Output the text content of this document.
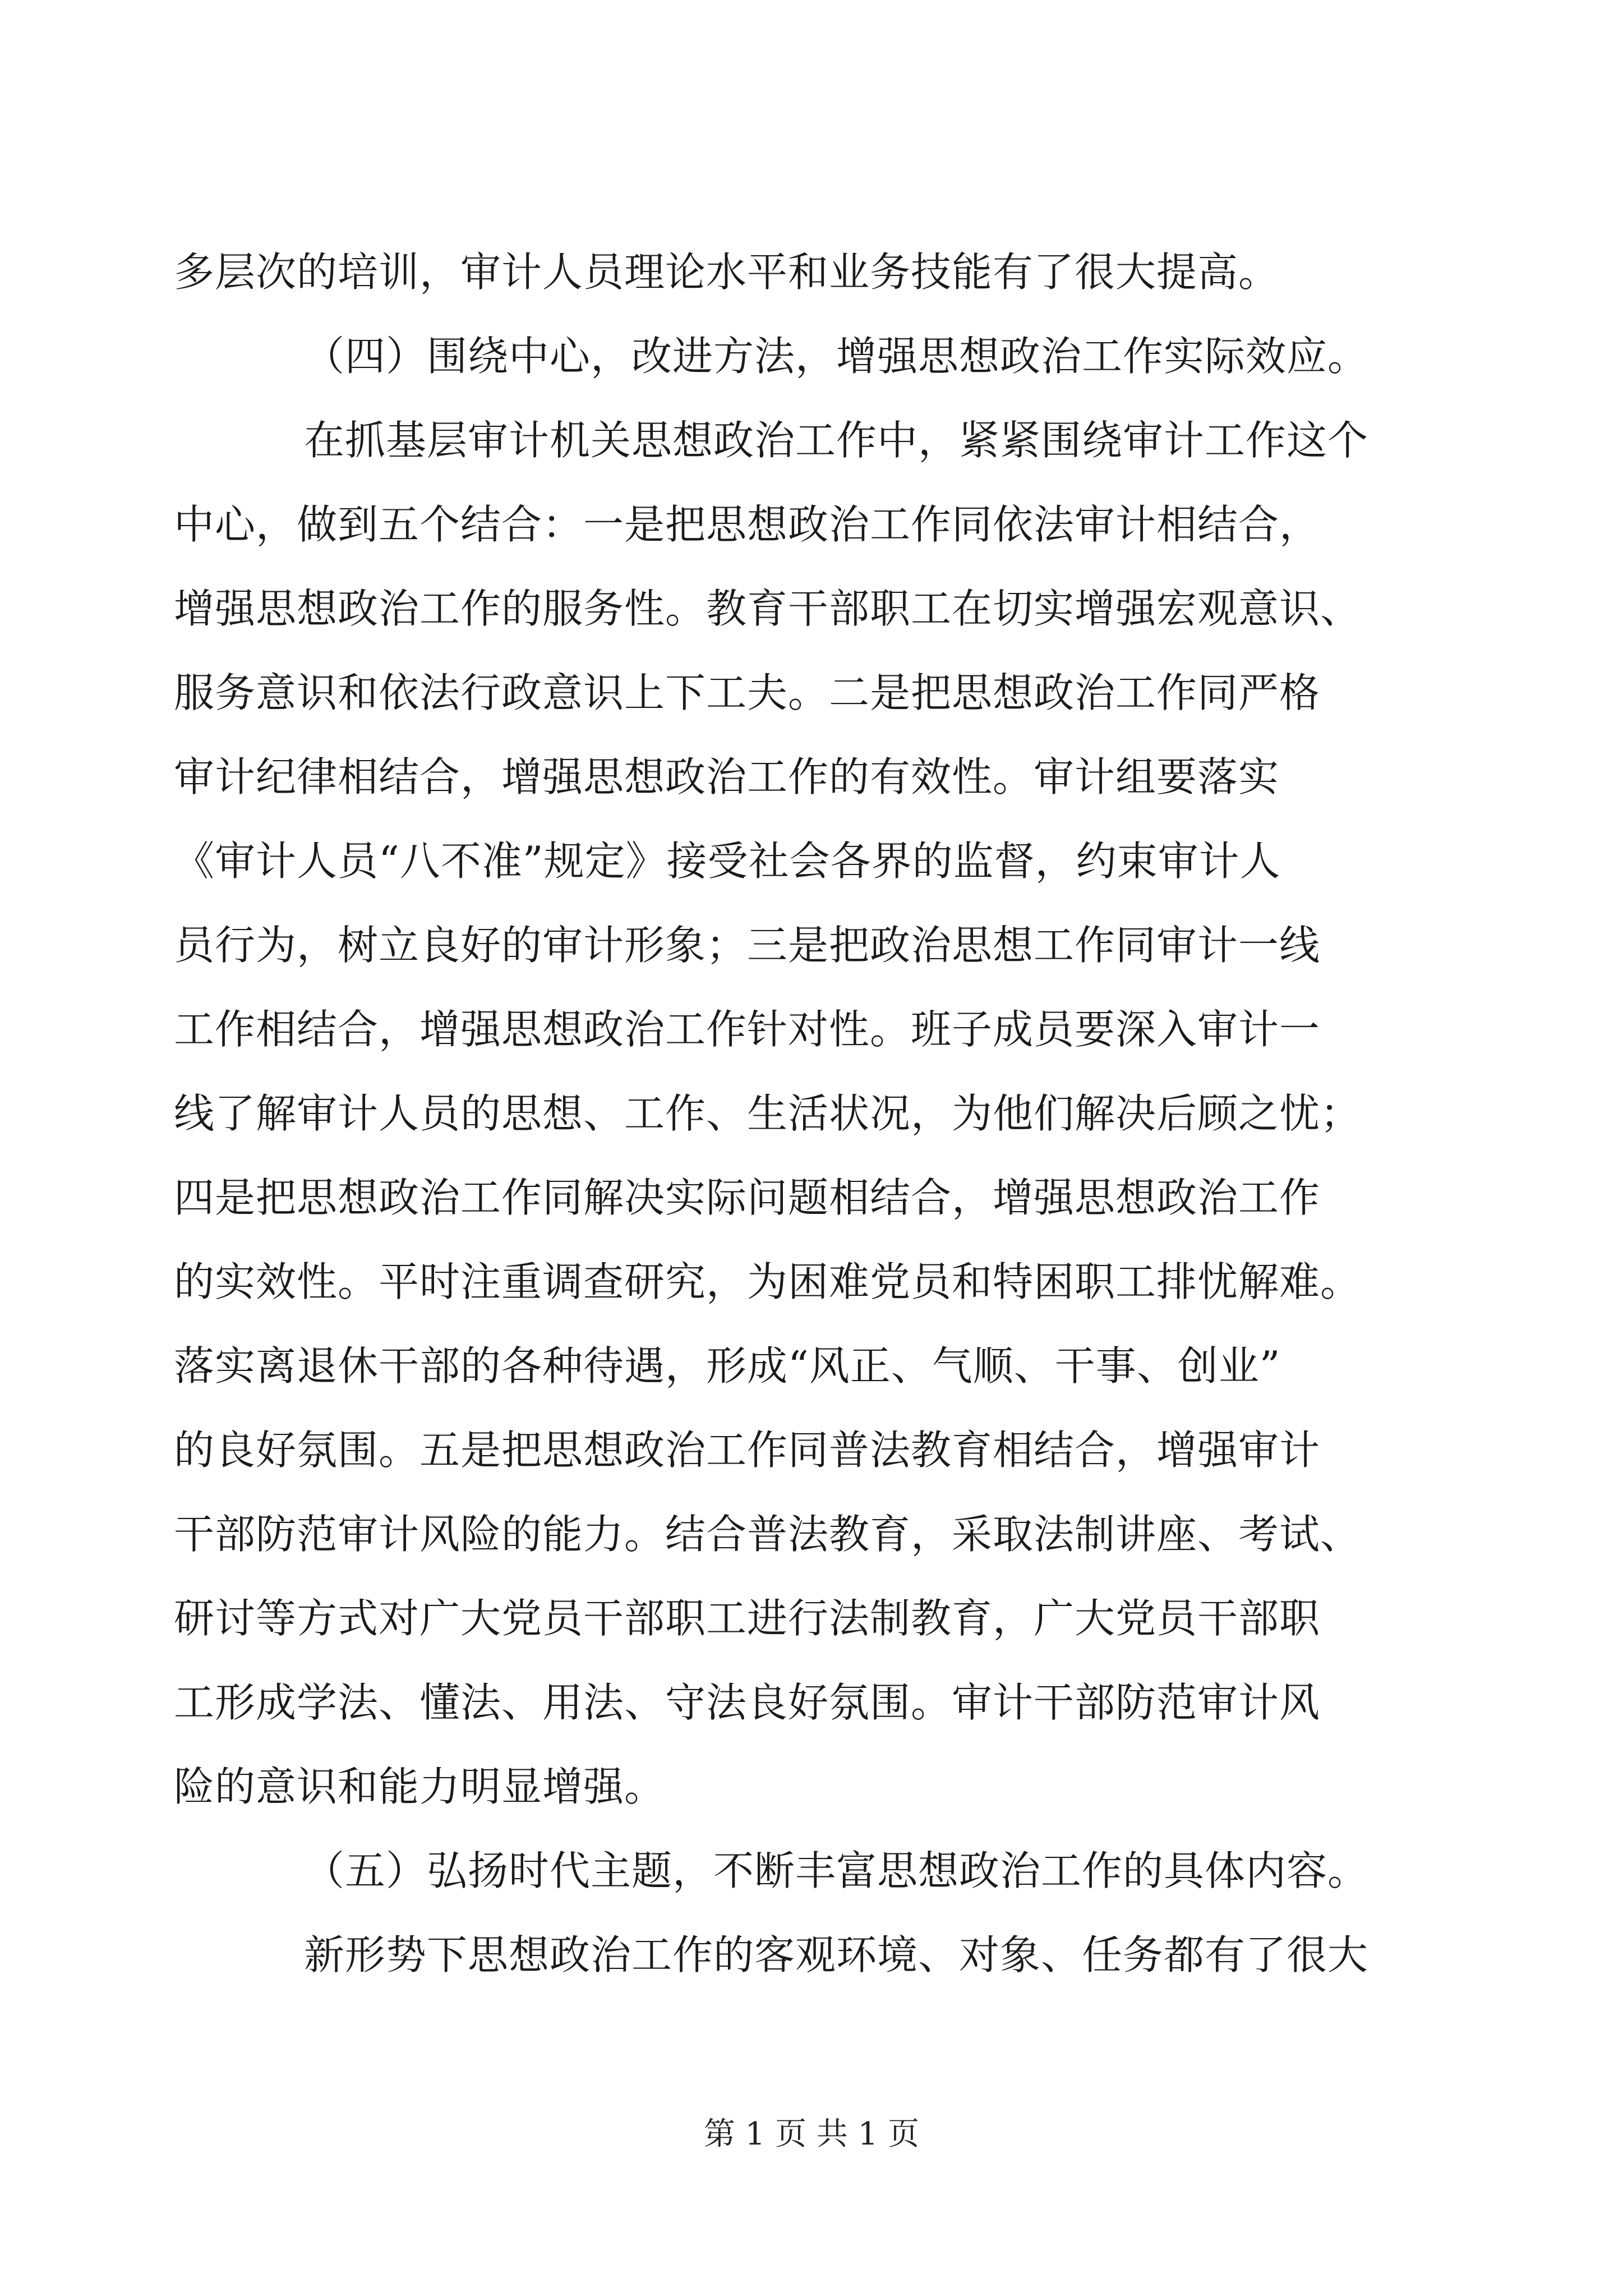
多层次的培训，审计人员理论水平和业务技能有了很大提高。
（四）围绕中心，改进方法，增强思想政治工作实际效应。
在抓基层审计机关思想政治工作中，紧紧围绕审计工作这个
中心，做到五个结合：一是把思想政治工作同依法审计相结合，
增强思想政治工作的服务性。教育干部职工在切实增强宏观意识、
服务意识和依法行政意识上下工夫。二是把思想政治工作同严格
审计纪律相结合，增强思想政治工作的有效性。审计组要落实
《审计人员“八不准”规定》接受社会各界的监督，约束审计人
员行为，树立良好的审计形象；三是把政治思想工作同审计一线
工作相结合，增强思想政治工作针对性。班子成员要深入审计一
线了解审计人员的思想、工作、生活状况，为他们解决后顾之忧；
四是把思想政治工作同解决实际问题相结合，增强思想政治工作
的实效性。平时注重调查研究，为困难党员和特困职工排忧解难。
落实离退休干部的各种待遇，形成“风正、气顺、干事、创业”
的良好氛围。五是把思想政治工作同普法教育相结合，增强审计
干部防范审计风险的能力。结合普法教育，采取法制讲座、考试、
研讨等方式对广大党员干部职工进行法制教育，广大党员干部职
工形成学法、懂法、用法、守法良好氛围。审计干部防范审计风
险的意识和能力明显增强。
（五）弘扬时代主题，不断丰富思想政治工作的具体内容。
新形势下思想政治工作的客观环境、对象、任务都有了很大
第 1 页 共 1 页
